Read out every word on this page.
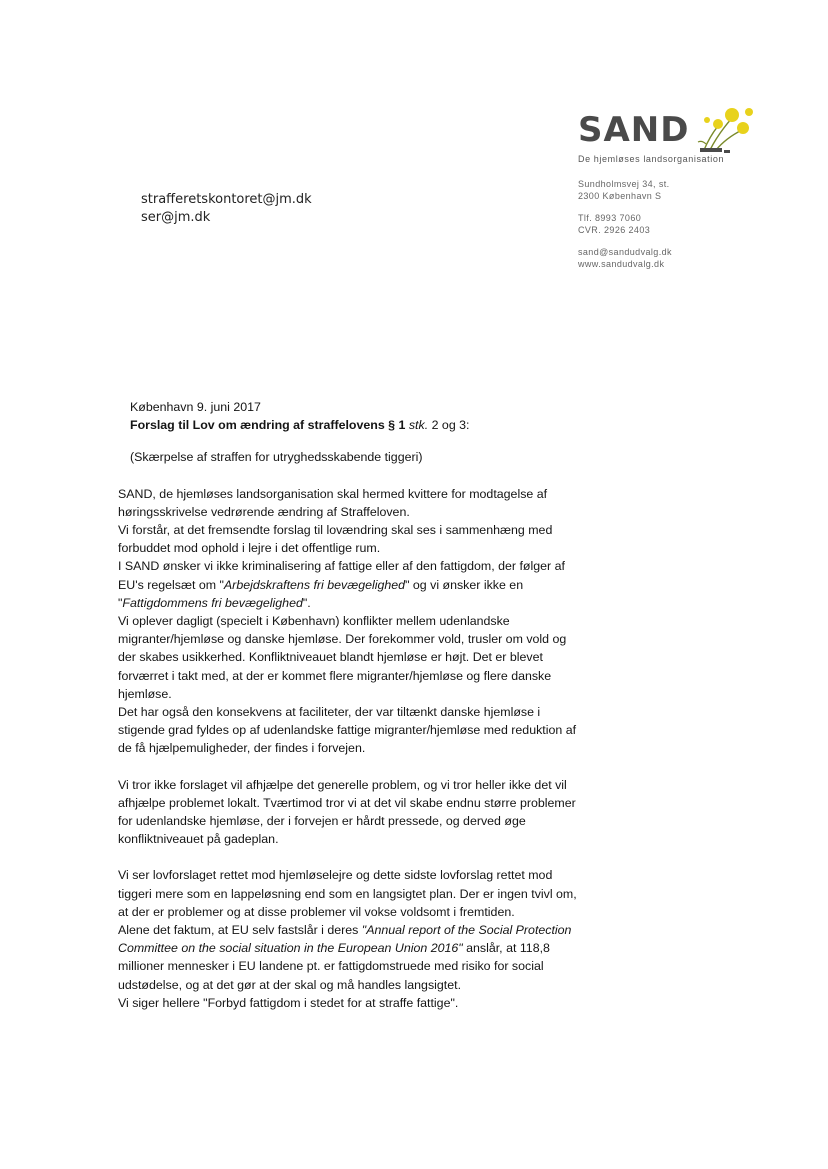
SAND
De hjemløses landsorganisation
Sundholmsvej 34, st.
2300 København S
Tlf. 8993 7060
CVR. 2926 2403
sand@sandudvalg.dk
www.sandudvalg.dk
strafferetskontoret@jm.dk
ser@jm.dk

København 9. juni 2017

Forslag til Lov om ændring af straffelovens § 1 stk. 2 og 3:

(Skærpelse af straffen for utryghedsskabende tiggeri)

SAND, de hjemløses landsorganisation skal hermed kvittere for modtagelse af høringsskrivelse vedrørende ændring af Straffeloven.

Vi forstår, at det fremsendte forslag til lovændring skal ses i sammenhæng med forbuddet mod ophold i lejre i det offentlige rum.

I SAND ønsker vi ikke kriminalisering af fattige eller af den fattigdom, der følger af EU's regelsæt om "Arbejdskraftens fri bevægelighed" og vi ønsker ikke en "Fattigdommens fri bevægelighed".

Vi oplever dagligt (specielt i København) konflikter mellem udenlandske migranter/hjemløse og danske hjemløse. Der forekommer vold, trusler om vold og der skabes usikkerhed. Konfliktniveauet blandt hjemløse er højt. Det er blevet forværret i takt med, at der er kommet flere migranter/hjemløse og flere danske hjemløse.

Det har også den konsekvens at faciliteter, der var tiltænkt danske hjemløse i stigende grad fyldes op af udenlandske fattige migranter/hjemløse med reduktion af de få hjælpemuligheder, der findes i forvejen.

Vi tror ikke forslaget vil afhjælpe det generelle problem, og vi tror heller ikke det vil afhjælpe problemet lokalt. Tværtimod tror vi at det vil skabe endnu større problemer for udenlandske hjemløse, der i forvejen er hårdt pressede, og derved øge konfliktniveauet på gadeplan.

Vi ser lovforslaget rettet mod hjemløselejre og dette sidste lovforslag rettet mod tiggeri mere som en lappeløsning end som en langsigtet plan. Der er ingen tvivl om, at der er problemer og at disse problemer vil vokse voldsomt i fremtiden.

Alene det faktum, at EU selv fastslår i deres "Annual report of the Social Protection Committee on the social situation in the European Union 2016" anslår, at 118,8 millioner mennesker i EU landene pt. er fattigdomstruede med risiko for social udstødelse, og at det gør at der skal og må handles langsigtet.

Vi siger hellere "Forbyd fattigdom i stedet for at straffe fattige".
